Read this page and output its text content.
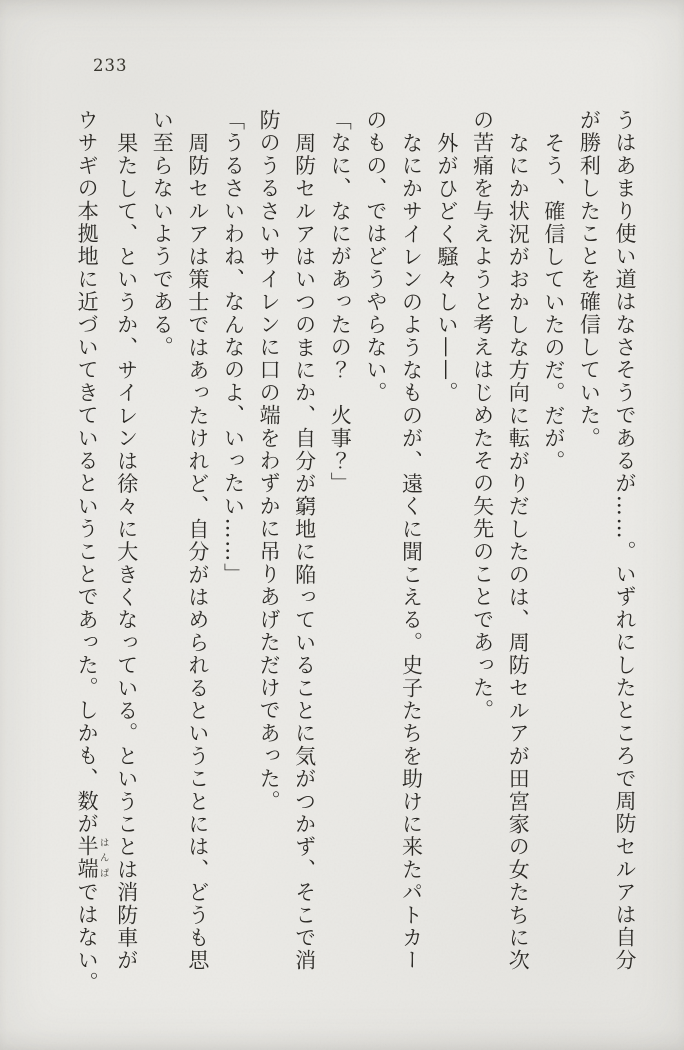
233

うはあまり使い道はなさそうであるが……。いずれにしたところで周防セルアは自分

が勝利したことを確信していた。

そう、確信していたのだ。だが。

なにか状況がおかしな方向に転がりだしたのは、周防セルアが田宮家の女たちに次

の苦痛を与えようと考えはじめたその矢先のことであった。

外がひどく騒々しい——。

なにかサイレンのようなものが、遠くに聞こえる。史子たちを助けに来たパトカー

のもの、ではどうやらない。

「なに、なにがあったの？　火事？」

周防セルアはいつのまにか、自分が窮地に陥っていることに気がつかず、そこで消

防のうるさいサイレンに口の端をわずかに吊りあげただけであった。

「うるさいわね、なんなのよ、いったい……」

周防セルアは策士ではあったけれど、自分がはめられるということには、どうも思

い至らないようである。

果たして、というか、サイレンは徐々に大きくなっている。ということは消防車が

ウサギの本拠地に近づいてきているということであった。しかも、数が半端はんぱではない。
